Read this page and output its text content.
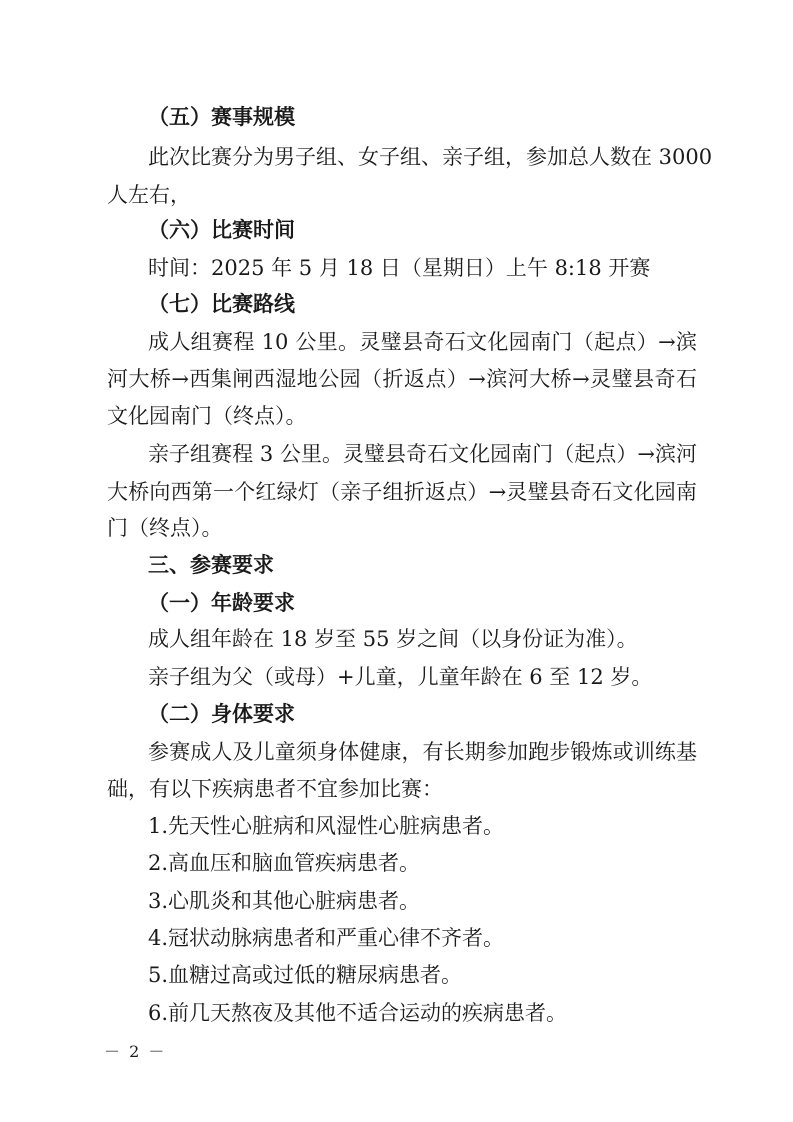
（五）赛事规模
此次比赛分为男子组、女子组、亲子组，参加总人数在 3000
人左右，
（六）比赛时间
时间：2025 年 5 月 18 日（星期日）上午 8:18 开赛
（七）比赛路线
成人组赛程 10 公里。灵璧县奇石文化园南门（起点）→滨
河大桥→西集闸西湿地公园（折返点）→滨河大桥→灵璧县奇石
文化园南门（终点）。
亲子组赛程 3 公里。灵璧县奇石文化园南门（起点）→滨河
大桥向西第一个红绿灯（亲子组折返点）→灵璧县奇石文化园南
门（终点）。
三、参赛要求
（一）年龄要求
成人组年龄在 18 岁至 55 岁之间（以身份证为准）。
亲子组为父（或母）+儿童，儿童年龄在 6 至 12 岁。
（二）身体要求
参赛成人及儿童须身体健康，有长期参加跑步锻炼或训练基
础，有以下疾病患者不宜参加比赛：
1.先天性心脏病和风湿性心脏病患者。
2.高血压和脑血管疾病患者。
3.心肌炎和其他心脏病患者。
4.冠状动脉病患者和严重心律不齐者。
5.血糖过高或过低的糖尿病患者。
6.前几天熬夜及其他不适合运动的疾病患者。
－ 2 －
